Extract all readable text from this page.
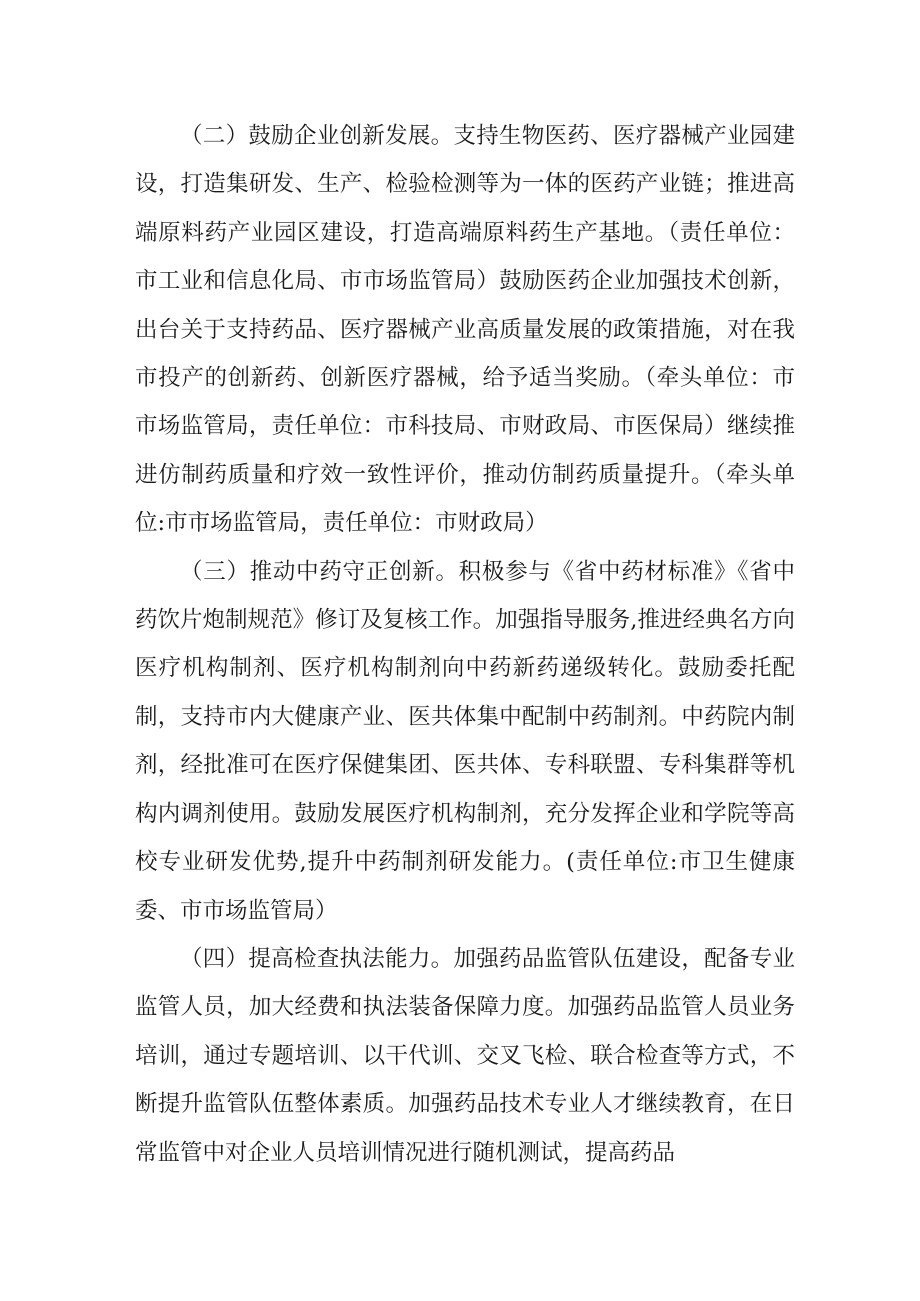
（二）鼓励企业创新发展。支持生物医药、医疗器械产业园建设，打造集研发、生产、检验检测等为一体的医药产业链；推进高端原料药产业园区建设，打造高端原料药生产基地。（责任单位：市工业和信息化局、市市场监管局）鼓励医药企业加强技术创新，出台关于支持药品、医疗器械产业高质量发展的政策措施，对在我市投产的创新药、创新医疗器械，给予适当奖励。（牵头单位：市市场监管局，责任单位：市科技局、市财政局、市医保局）继续推进仿制药质量和疗效一致性评价，推动仿制药质量提升。（牵头单位:市市场监管局，责任单位：市财政局）

（三）推动中药守正创新。积极参与《省中药材标准》《省中药饮片炮制规范》修订及复核工作。加强指导服务,推进经典名方向医疗机构制剂、医疗机构制剂向中药新药递级转化。鼓励委托配制，支持市内大健康产业、医共体集中配制中药制剂。中药院内制剂，经批准可在医疗保健集团、医共体、专科联盟、专科集群等机构内调剂使用。鼓励发展医疗机构制剂，充分发挥企业和学院等高校专业研发优势,提升中药制剂研发能力。(责任单位:市卫生健康委、市市场监管局）

（四）提高检查执法能力。加强药品监管队伍建设，配备专业监管人员，加大经费和执法装备保障力度。加强药品监管人员业务培训，通过专题培训、以干代训、交叉飞检、联合检查等方式，不断提升监管队伍整体素质。加强药品技术专业人才继续教育，在日常监管中对企业人员培训情况进行随机测试，提高药品
